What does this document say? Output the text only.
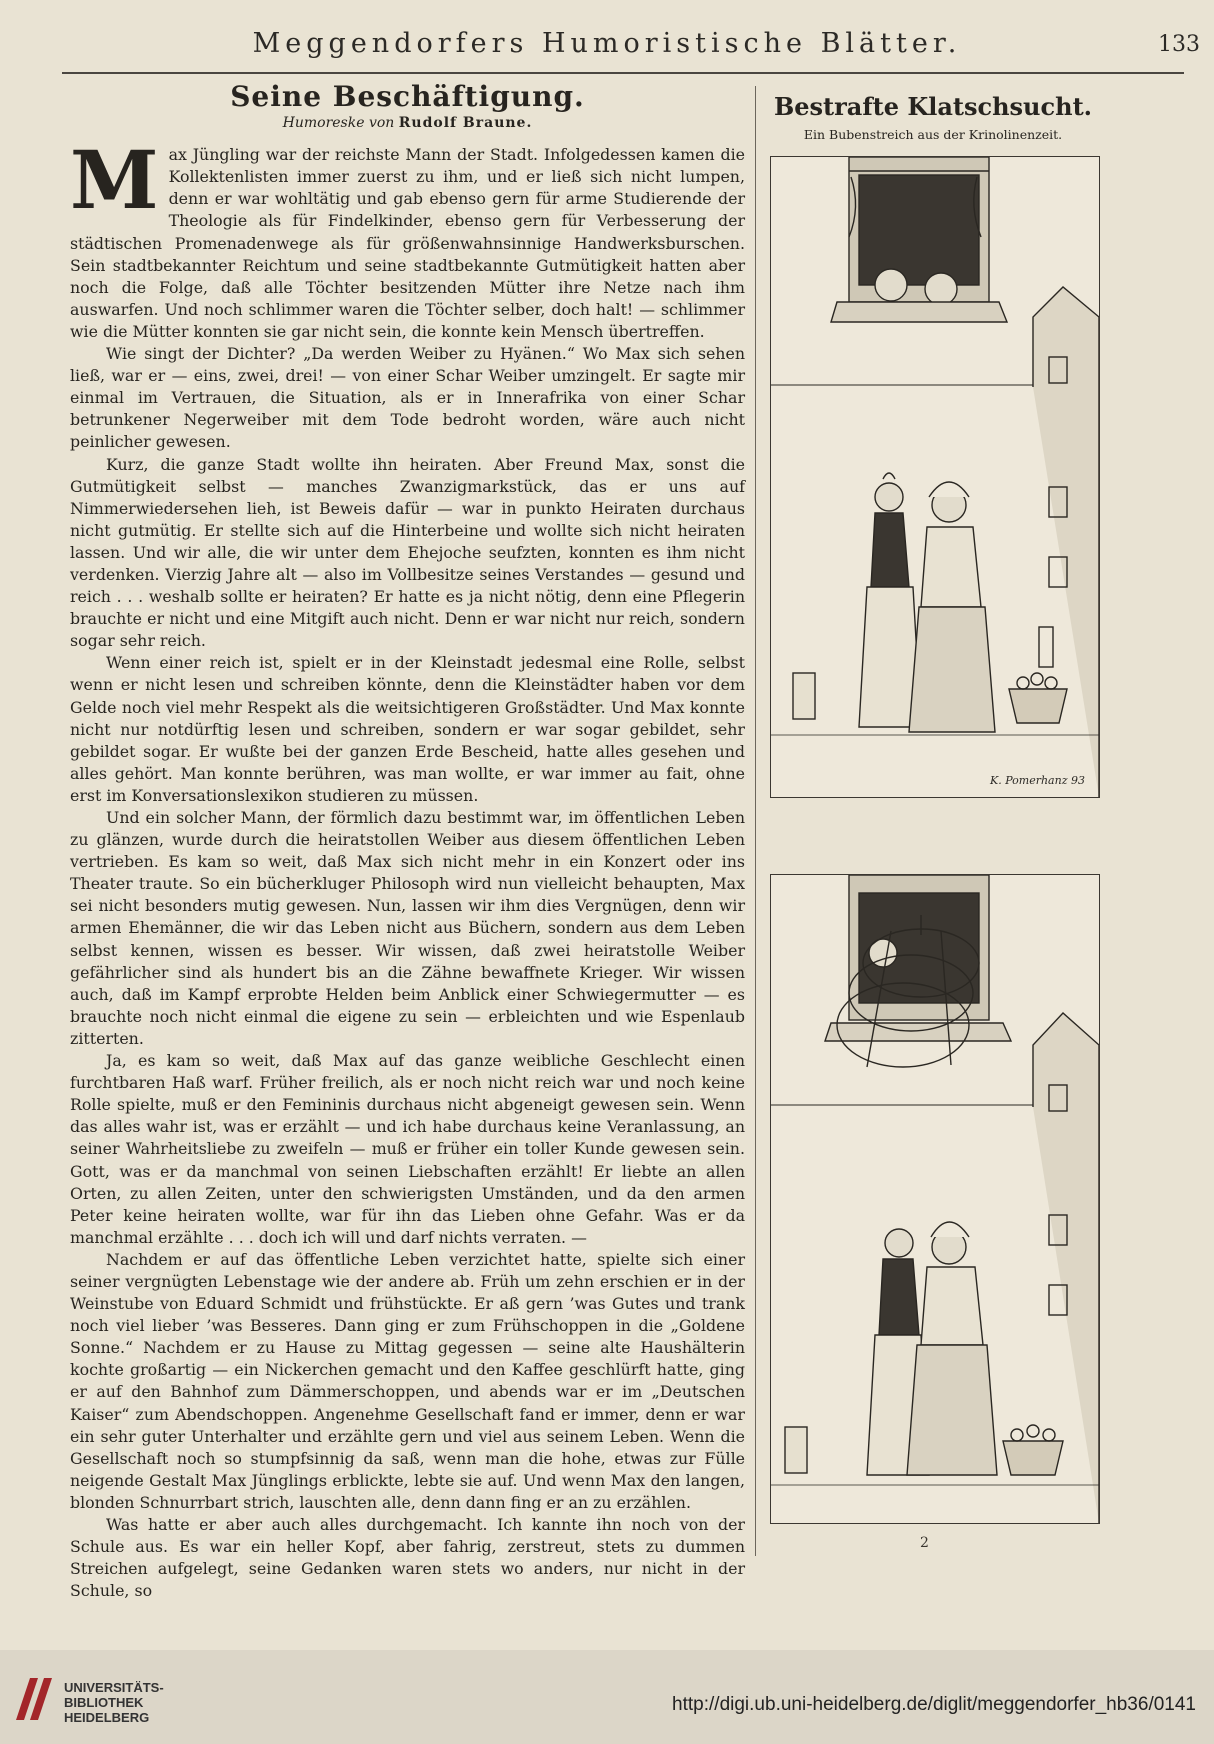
Meggendorfers Humoristische Blätter.	133
Seine Beschäftigung.
Humoreske von Rudolf Braune.

Max Jüngling war der reichste Mann der Stadt. Infolgedessen kamen die Kollektenlisten immer zuerst zu ihm, und er ließ sich nicht lumpen, denn er war wohltätig und gab ebenso gern für arme Studierende der Theologie als für Findelkinder, ebenso gern für Verbesserung der städtischen Promenadenwege als für größenwahnsinnige Handwerksburschen. Sein stadtbekannter Reichtum und seine stadtbekannte Gutmütigkeit hatten aber noch die Folge, daß alle Töchter besitzenden Mütter ihre Netze nach ihm auswarfen. Und noch schlimmer waren die Töchter selber, doch halt! — schlimmer wie die Mütter konnten sie gar nicht sein, die konnte kein Mensch übertreffen.

Wie singt der Dichter? „Da werden Weiber zu Hyänen.“ Wo Max sich sehen ließ, war er — eins, zwei, drei! — von einer Schar Weiber umzingelt. Er sagte mir einmal im Vertrauen, die Situation, als er in Innerafrika von einer Schar betrunkener Negerweiber mit dem Tode bedroht worden, wäre auch nicht peinlicher gewesen.

Kurz, die ganze Stadt wollte ihn heiraten. Aber Freund Max, sonst die Gutmütigkeit selbst — manches Zwanzigmarkstück, das er uns auf Nimmerwiedersehen lieh, ist Beweis dafür — war in punkto Heiraten durchaus nicht gutmütig. Er stellte sich auf die Hinterbeine und wollte sich nicht heiraten lassen. Und wir alle, die wir unter dem Ehejoche seufzten, konnten es ihm nicht verdenken. Vierzig Jahre alt — also im Vollbesitze seines Verstandes — gesund und reich . . . weshalb sollte er heiraten? Er hatte es ja nicht nötig, denn eine Pflegerin brauchte er nicht und eine Mitgift auch nicht. Denn er war nicht nur reich, sondern sogar sehr reich.

Wenn einer reich ist, spielt er in der Kleinstadt jedesmal eine Rolle, selbst wenn er nicht lesen und schreiben könnte, denn die Kleinstädter haben vor dem Gelde noch viel mehr Respekt als die weitsichtigeren Großstädter. Und Max konnte nicht nur notdürftig lesen und schreiben, sondern er war sogar gebildet, sehr gebildet sogar. Er wußte bei der ganzen Erde Bescheid, hatte alles gesehen und alles gehört. Man konnte berühren, was man wollte, er war immer au fait, ohne erst im Konversationslexikon studieren zu müssen.

Und ein solcher Mann, der förmlich dazu bestimmt war, im öffentlichen Leben zu glänzen, wurde durch die heiratstollen Weiber aus diesem öffentlichen Leben vertrieben. Es kam so weit, daß Max sich nicht mehr in ein Konzert oder ins Theater traute. So ein bücherkluger Philosoph wird nun vielleicht behaupten, Max sei nicht besonders mutig gewesen. Nun, lassen wir ihm dies Vergnügen, denn wir armen Ehemänner, die wir das Leben nicht aus Büchern, sondern aus dem Leben selbst kennen, wissen es besser. Wir wissen, daß zwei heiratstolle Weiber gefährlicher sind als hundert bis an die Zähne bewaffnete Krieger. Wir wissen auch, daß im Kampf erprobte Helden beim Anblick einer Schwiegermutter — es brauchte noch nicht einmal die eigene zu sein — erbleichten und wie Espenlaub zitterten.

Ja, es kam so weit, daß Max auf das ganze weibliche Geschlecht einen furchtbaren Haß warf. Früher freilich, als er noch nicht reich war und noch keine Rolle spielte, muß er den Femininis durchaus nicht abgeneigt gewesen sein. Wenn das alles wahr ist, was er erzählt — und ich habe durchaus keine Veranlassung, an seiner Wahrheitsliebe zu zweifeln — muß er früher ein toller Kunde gewesen sein. Gott, was er da manchmal von seinen Liebschaften erzählt! Er liebte an allen Orten, zu allen Zeiten, unter den schwierigsten Umständen, und da den armen Peter keine heiraten wollte, war für ihn das Lieben ohne Gefahr. Was er da manchmal erzählte . . . doch ich will und darf nichts verraten. —

Nachdem er auf das öffentliche Leben verzichtet hatte, spielte sich einer seiner vergnügten Lebenstage wie der andere ab. Früh um zehn erschien er in der Weinstube von Eduard Schmidt und frühstückte. Er aß gern ’was Gutes und trank noch viel lieber ’was Besseres. Dann ging er zum Frühschoppen in die „Goldene Sonne.“ Nachdem er zu Hause zu Mittag gegessen — seine alte Haushälterin kochte großartig — ein Nickerchen gemacht und den Kaffee geschlürft hatte, ging er auf den Bahnhof zum Dämmerschoppen, und abends war er im „Deutschen Kaiser“ zum Abendschoppen. Angenehme Gesellschaft fand er immer, denn er war ein sehr guter Unterhalter und erzählte gern und viel aus seinem Leben. Wenn die Gesellschaft noch so stumpfsinnig da saß, wenn man die hohe, etwas zur Fülle neigende Gestalt Max Jünglings erblickte, lebte sie auf. Und wenn Max den langen, blonden Schnurrbart strich, lauschten alle, denn dann fing er an zu erzählen.

Was hatte er aber auch alles durchgemacht. Ich kannte ihn noch von der Schule aus. Es war ein heller Kopf, aber fahrig, zerstreut, stets zu dummen Streichen aufgelegt, seine Gedanken waren stets wo anders, nur nicht in der Schule, so

Bestrafte Klatschsucht.
Ein Bubenstreich aus der Krinolinenzeit.
K. Pomerhanz 93
2
UNIVERSITÄTS-
BIBLIOTHEK
HEIDELBERG
http://digi.ub.uni-heidelberg.de/diglit/meggendorfer_hb36/0141
